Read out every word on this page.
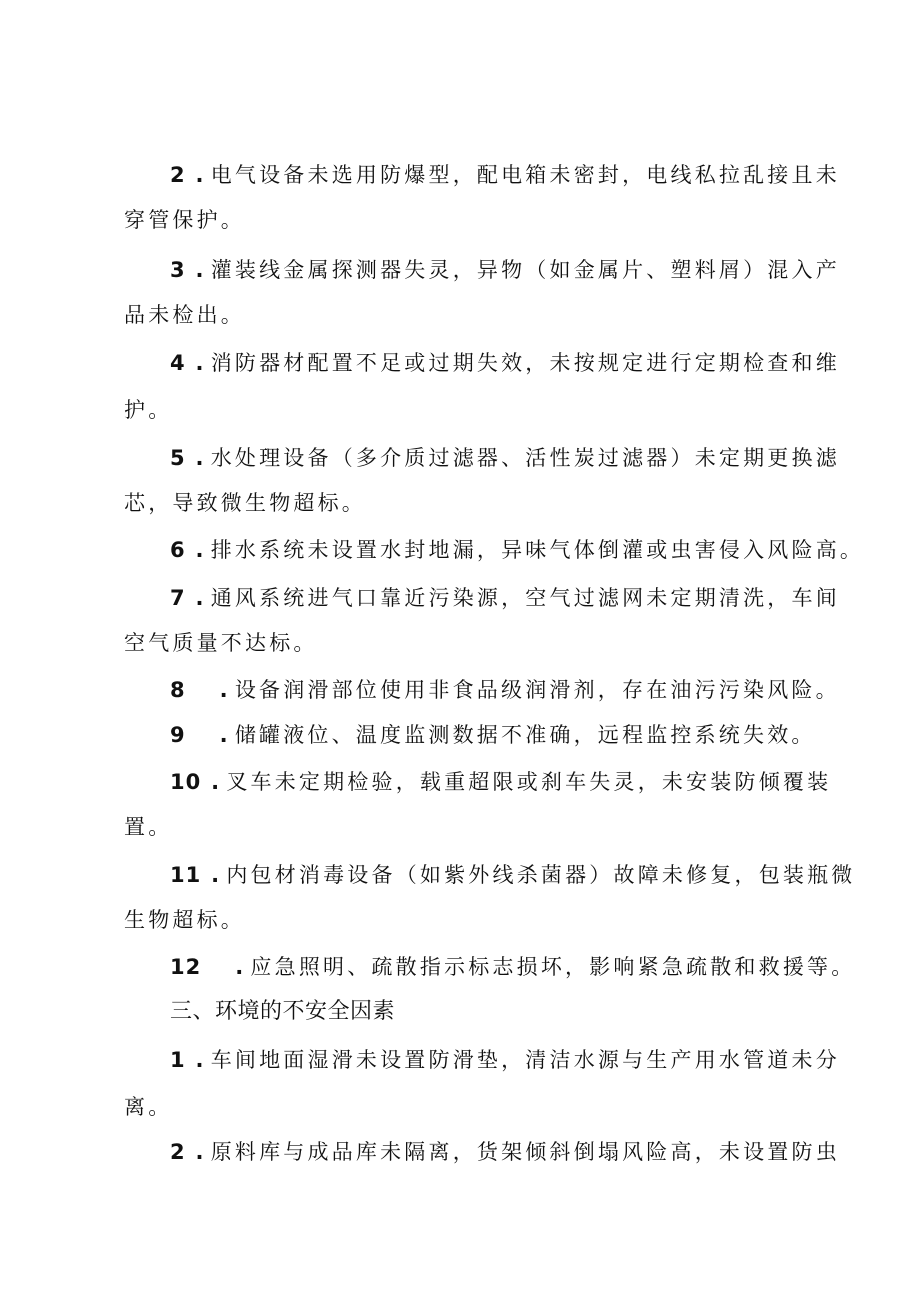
2 . 电气设备未选用防爆型，配电箱未密封，电线私拉乱接且未
穿管保护。
3 . 灌装线金属探测器失灵，异物（如金属片、塑料屑）混入产
品未检出。
4 . 消防器材配置不足或过期失效，未按规定进行定期检查和维
护。
5 . 水处理设备（多介质过滤器、活性炭过滤器）未定期更换滤
芯，导致微生物超标。
6 . 排水系统未设置水封地漏，异味气体倒灌或虫害侵入风险高。
7 . 通风系统进气口靠近污染源，空气过滤网未定期清洗，车间
空气质量不达标。
8 . 设备润滑部位使用非食品级润滑剂，存在油污污染风险。
9 . 储罐液位、温度监测数据不准确，远程监控系统失效。
10 . 叉车未定期检验，载重超限或刹车失灵，未安装防倾覆装
置。
11 . 内包材消毒设备（如紫外线杀菌器）故障未修复，包装瓶微
生物超标。
12 . 应急照明、疏散指示标志损坏，影响紧急疏散和救援等。
三、环境的不安全因素
1 . 车间地面湿滑未设置防滑垫，清洁水源与生产用水管道未分
离。
2 . 原料库与成品库未隔离，货架倾斜倒塌风险高，未设置防虫
